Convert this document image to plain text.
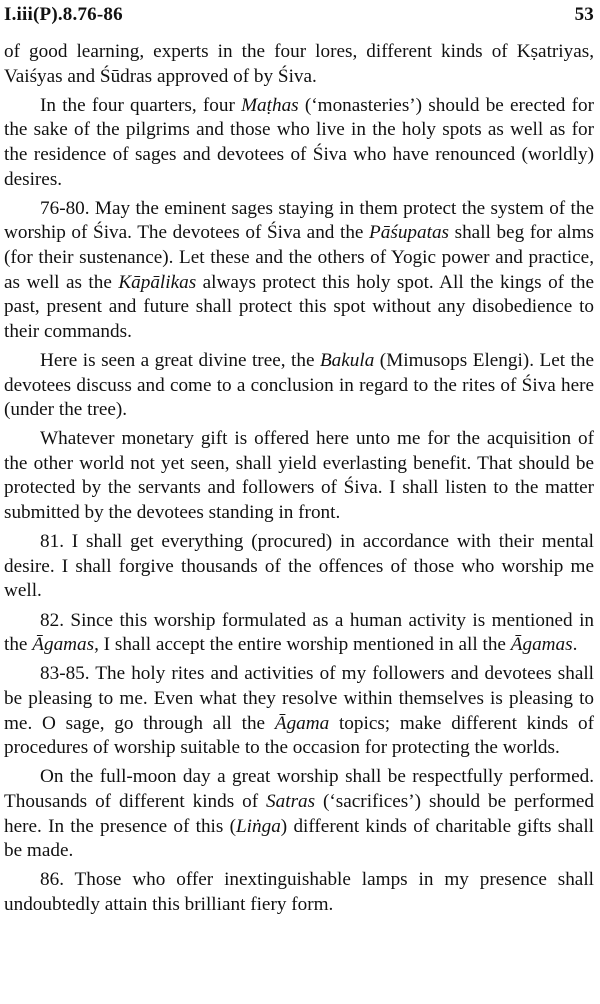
I.iii(P).8.76-86	53

of good learning, experts in the four lores, different kinds of Kṣatriyas, Vaiśyas and Śūdras approved of by Śiva.

In the four quarters, four Maṭhas (‘monasteries’) should be erected for the sake of the pilgrims and those who live in the holy spots as well as for the residence of sages and devotees of Śiva who have renounced (worldly) desires.

76-80. May the eminent sages staying in them protect the system of the worship of Śiva. The devotees of Śiva and the Pāśupatas shall beg for alms (for their sustenance). Let these and the others of Yogic power and practice, as well as the Kāpālikas always protect this holy spot. All the kings of the past, present and future shall protect this spot without any disobedience to their commands.

Here is seen a great divine tree, the Bakula (Mimusops Elengi). Let the devotees discuss and come to a conclusion in regard to the rites of Śiva here (under the tree).

Whatever monetary gift is offered here unto me for the acquisition of the other world not yet seen, shall yield everlasting benefit. That should be protected by the servants and followers of Śiva. I shall listen to the matter submitted by the devotees standing in front.

81. I shall get everything (procured) in accordance with their mental desire. I shall forgive thousands of the offences of those who worship me well.

82. Since this worship formulated as a human activity is mentioned in the Āgamas, I shall accept the entire worship mentioned in all the Āgamas.

83-85. The holy rites and activities of my followers and devotees shall be pleasing to me. Even what they resolve within themselves is pleasing to me. O sage, go through all the Āgama topics; make different kinds of procedures of worship suitable to the occasion for protecting the worlds.

On the full-moon day a great worship shall be respectfully performed. Thousands of different kinds of Satras (‘sacrifices’) should be performed here. In the presence of this (Liṅga) different kinds of charitable gifts shall be made.

86. Those who offer inextinguishable lamps in my presence shall undoubtedly attain this brilliant fiery form.
